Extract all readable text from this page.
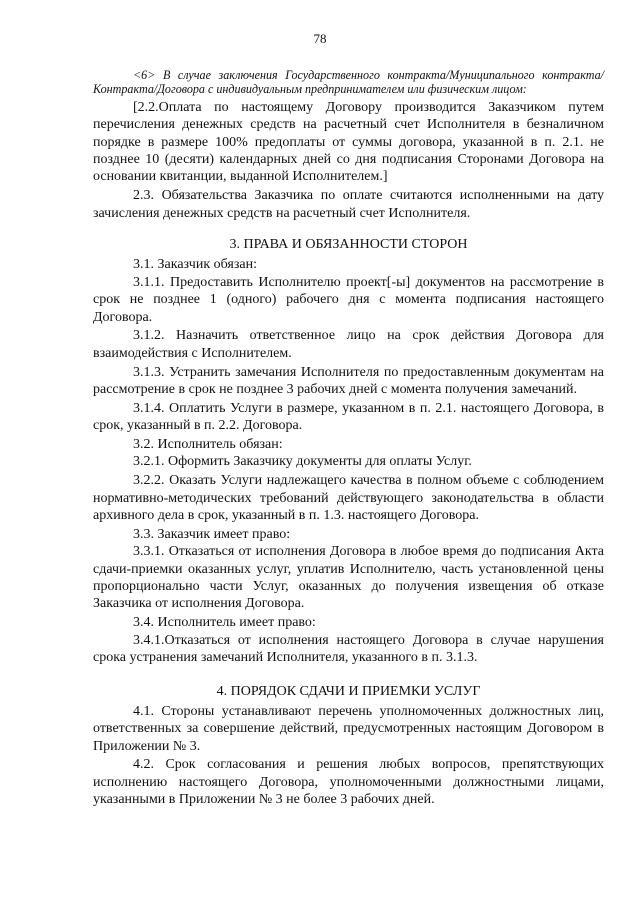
78

<6> В случае заключения Государственного контракта/Муниципального контракта/Контракта/Договора с индивидуальным предпринимателем или физическим лицом:

[2.2.Оплата по настоящему Договору производится Заказчиком путем перечисления денежных средств на расчетный счет Исполнителя в безналичном порядке в размере 100% предоплаты от суммы договора, указанной в п. 2.1. не позднее 10 (десяти) календарных дней со дня подписания Сторонами Договора на основании квитанции, выданной Исполнителем.]

2.3. Обязательства Заказчика по оплате считаются исполненными на дату зачисления денежных средств на расчетный счет Исполнителя.

3. ПРАВА И ОБЯЗАННОСТИ СТОРОН

3.1. Заказчик обязан:

3.1.1. Предоставить Исполнителю проект[-ы] документов на рассмотрение в срок не позднее 1 (одного) рабочего дня с момента подписания настоящего Договора.

3.1.2. Назначить ответственное лицо на срок действия Договора для взаимодействия с Исполнителем.

3.1.3. Устранить замечания Исполнителя по предоставленным документам на рассмотрение в срок не позднее 3 рабочих дней с момента получения замечаний.

3.1.4. Оплатить Услуги в размере, указанном в п. 2.1. настоящего Договора, в срок, указанный в п. 2.2. Договора.

3.2. Исполнитель обязан:

3.2.1. Оформить Заказчику документы для оплаты Услуг.

3.2.2. Оказать Услуги надлежащего качества в полном объеме с соблюдением нормативно-методических требований действующего законодательства в области архивного дела в срок, указанный в п. 1.3. настоящего Договора.

3.3. Заказчик имеет право:

3.3.1. Отказаться от исполнения Договора в любое время до подписания Акта сдачи-приемки оказанных услуг, уплатив Исполнителю, часть установленной цены пропорционально части Услуг, оказанных до получения извещения об отказе Заказчика от исполнения Договора.

3.4. Исполнитель имеет право:

3.4.1.Отказаться от исполнения настоящего Договора в случае нарушения срока устранения замечаний Исполнителя, указанного в п. 3.1.3.

4. ПОРЯДОК СДАЧИ И ПРИЕМКИ УСЛУГ

4.1. Стороны устанавливают перечень уполномоченных должностных лиц, ответственных за совершение действий, предусмотренных настоящим Договором в Приложении № 3.

4.2. Срок согласования и решения любых вопросов, препятствующих исполнению настоящего Договора, уполномоченными должностными лицами, указанными в Приложении № 3 не более 3 рабочих дней.
